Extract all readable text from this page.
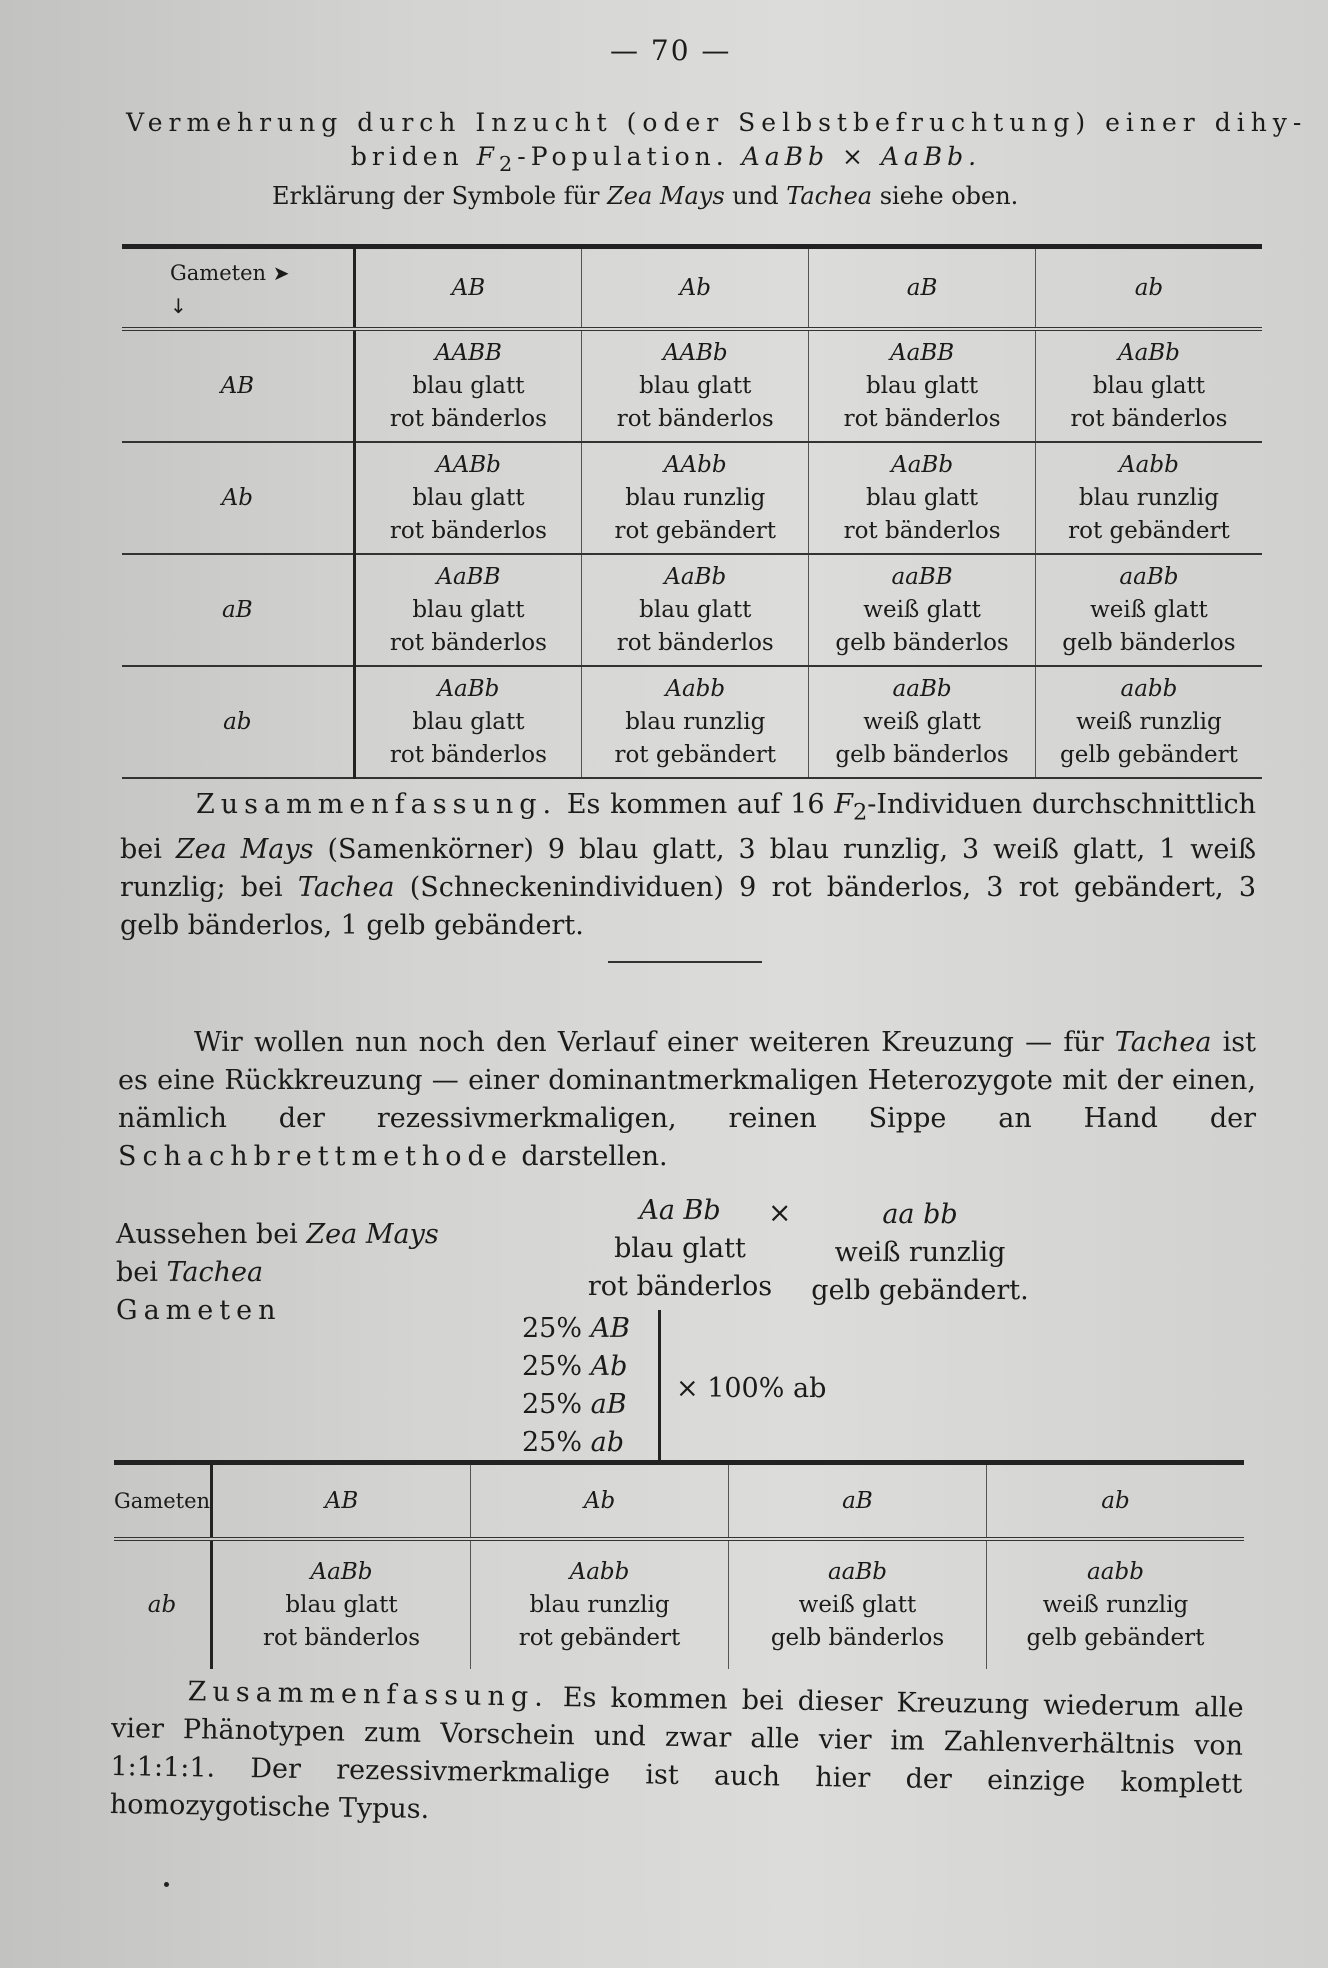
— 70 —
Vermehrung durch Inzucht (oder Selbstbefruchtung) einer dihy-
briden $F_2$-Population. AaBb × AaBb.
Erklärung der Symbole für Zea Mays und Tachea siehe oben.

Gameten ➤
↓	AB	Ab	aB	ab
AB	AABB
blau glatt
rot bänderlos	AABb
blau glatt
rot bänderlos	AaBB
blau glatt
rot bänderlos	AaBb
blau glatt
rot bänderlos
Ab	AABb
blau glatt
rot bänderlos	AAbb
blau runzlig
rot gebändert	AaBb
blau glatt
rot bänderlos	Aabb
blau runzlig
rot gebändert
aB	AaBB
blau glatt
rot bänderlos	AaBb
blau glatt
rot bänderlos	aaBB
weiß glatt
gelb bänderlos	aaBb
weiß glatt
gelb bänderlos
ab	AaBb
blau glatt
rot bänderlos	Aabb
blau runzlig
rot gebändert	aaBb
weiß glatt
gelb bänderlos	aabb
weiß runzlig
gelb gebändert
Zusammenfassung. Es kommen auf 16 $F_2$-Individuen durchschnittlich bei Zea Mays (Samenkörner) 9 blau glatt, 3 blau runzlig, 3 weiß glatt, 1 weiß runzlig; bei Tachea (Schneckenindividuen) 9 rot bänderlos, 3 rot gebändert, 3 gelb bänderlos, 1 gelb gebändert.
Wir wollen nun noch den Verlauf einer weiteren Kreuzung — für Tachea ist es eine Rückkreuzung — einer dominantmerkmaligen Heterozygote mit der einen, nämlich der rezessivmerkmaligen, reinen Sippe an Hand der Schachbrettmethode darstellen.
Aussehen bei Zea Mays
bei Tachea
Gameten
Aa Bb
blau glatt
rot bänderlos
×	aa bb
weiß runzlig
gelb gebändert.
25% AB
25% Ab
25% aB
25% ab
× 100% ab

Gameten	AB	Ab	aB	ab
ab	AaBb
blau glatt
rot bänderlos	Aabb
blau runzlig
rot gebändert	aaBb
weiß glatt
gelb bänderlos	aabb
weiß runzlig
gelb gebändert
Zusammenfassung. Es kommen bei dieser Kreuzung wiederum alle vier Phänotypen zum Vorschein und zwar alle vier im Zahlenverhältnis von 1:1:1:1. Der rezessivmerkmalige ist auch hier der einzige komplett homozygotische Typus.
